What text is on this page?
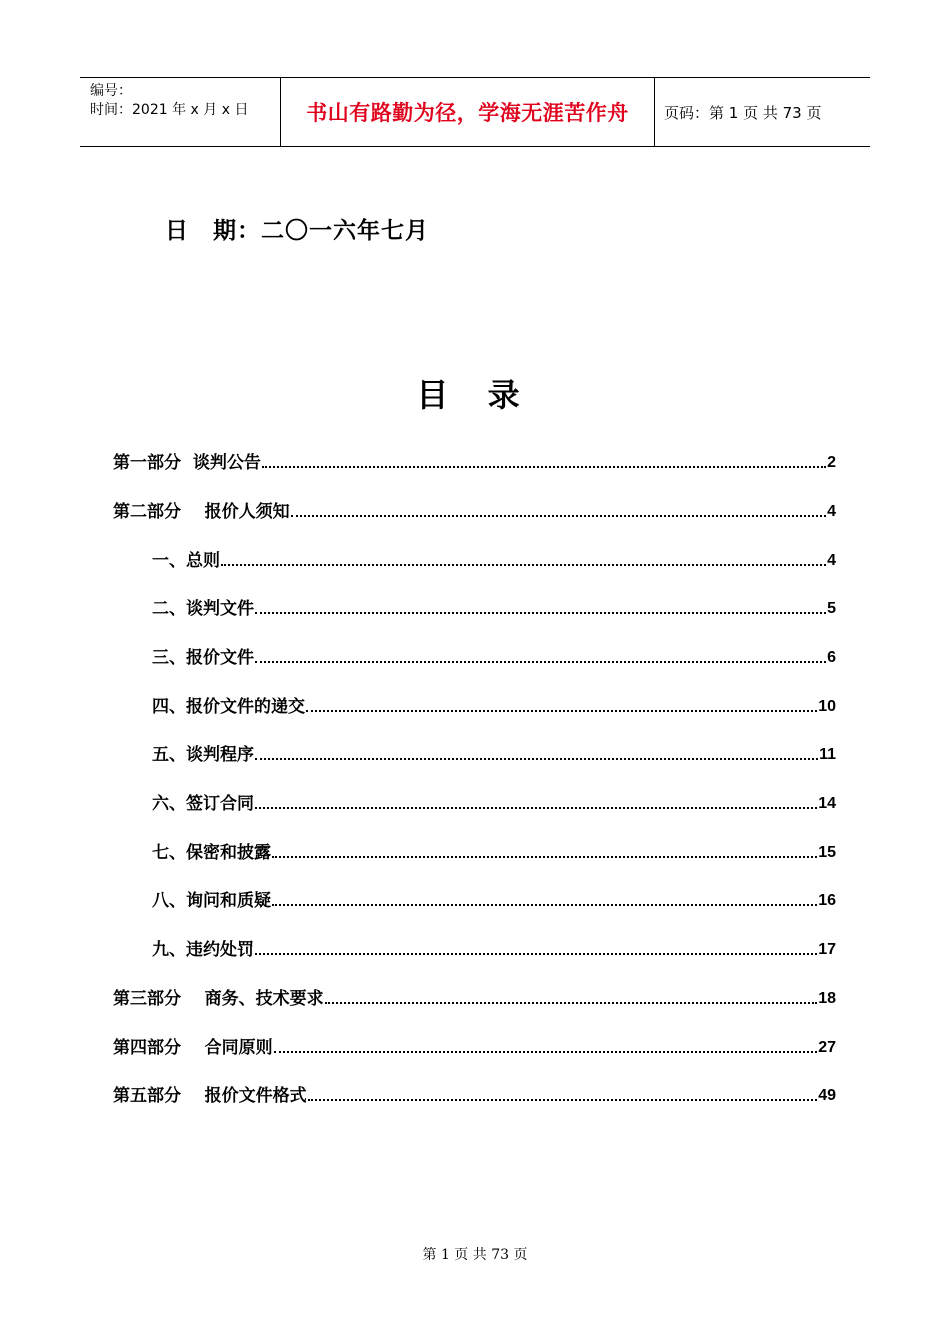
编号：
时间：2021 年 x 月 x 日	书山有路勤为径，学海无涯苦作舟	页码：第 1 页 共 73 页
日　期：二〇一六年七月
目 录
第一部分  谈判公告	2
第二部分    报价人须知	4
一、总则	4
二、谈判文件	5
三、报价文件	6
四、报价文件的递交	10
五、谈判程序	11
六、签订合同	14
七、保密和披露	15
八、询问和质疑	16
九、违约处罚	17
第三部分    商务、技术要求	18
第四部分    合同原则	27
第五部分    报价文件格式	49
第 1 页 共 73 页
